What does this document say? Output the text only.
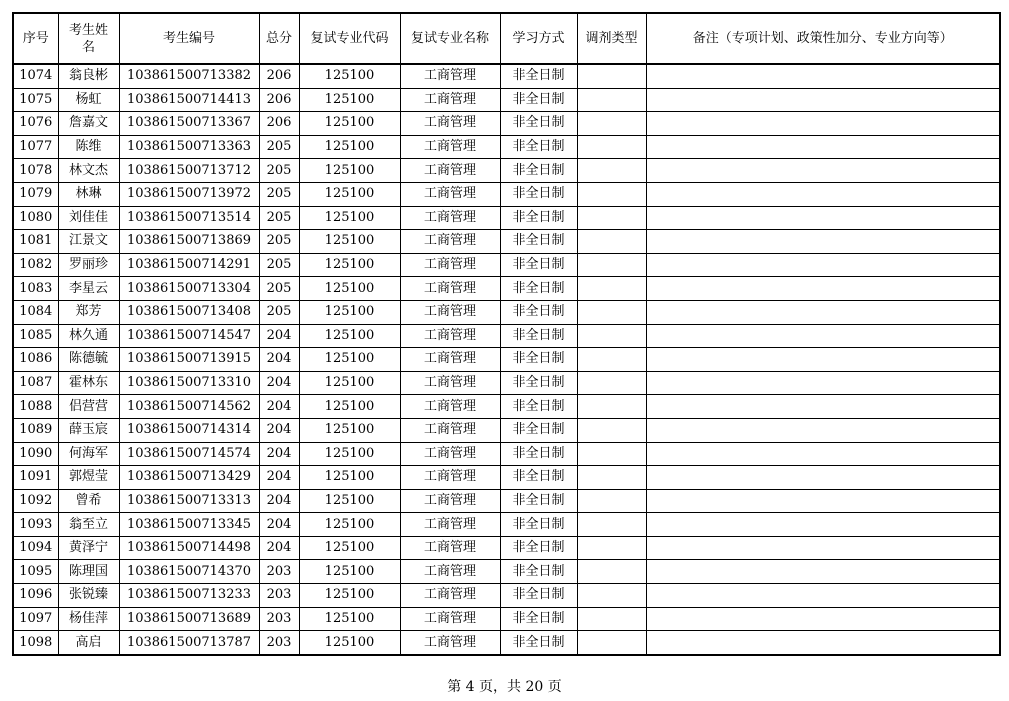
序号	考生姓名	考生编号	总分	复试专业代码	复试专业名称	学习方式	调剂类型	备注（专项计划、政策性加分、专业方向等）
1074	翁良彬	103861500713382	206	125100	工商管理	非全日制		
1075	杨虹	103861500714413	206	125100	工商管理	非全日制		
1076	詹嘉文	103861500713367	206	125100	工商管理	非全日制		
1077	陈维	103861500713363	205	125100	工商管理	非全日制		
1078	林文杰	103861500713712	205	125100	工商管理	非全日制		
1079	林琳	103861500713972	205	125100	工商管理	非全日制		
1080	刘佳佳	103861500713514	205	125100	工商管理	非全日制		
1081	江景文	103861500713869	205	125100	工商管理	非全日制		
1082	罗丽珍	103861500714291	205	125100	工商管理	非全日制		
1083	李星云	103861500713304	205	125100	工商管理	非全日制		
1084	郑芳	103861500713408	205	125100	工商管理	非全日制		
1085	林久通	103861500714547	204	125100	工商管理	非全日制		
1086	陈德毓	103861500713915	204	125100	工商管理	非全日制		
1087	霍林东	103861500713310	204	125100	工商管理	非全日制		
1088	侣营营	103861500714562	204	125100	工商管理	非全日制		
1089	薛玉宸	103861500714314	204	125100	工商管理	非全日制		
1090	何海军	103861500714574	204	125100	工商管理	非全日制		
1091	郭煜莹	103861500713429	204	125100	工商管理	非全日制		
1092	曾希	103861500713313	204	125100	工商管理	非全日制		
1093	翁至立	103861500713345	204	125100	工商管理	非全日制		
1094	黄泽宁	103861500714498	204	125100	工商管理	非全日制		
1095	陈理国	103861500714370	203	125100	工商管理	非全日制		
1096	张锐臻	103861500713233	203	125100	工商管理	非全日制		
1097	杨佳萍	103861500713689	203	125100	工商管理	非全日制		
1098	高启	103861500713787	203	125100	工商管理	非全日制		
第 4 页，共 20 页
